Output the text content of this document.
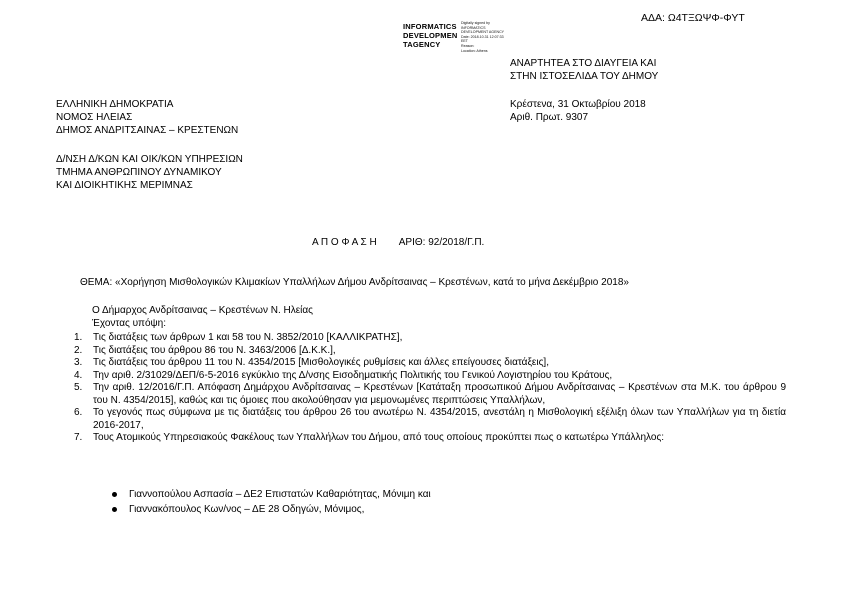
ΑΔΑ: Ω4ΤΞΩΨΦ-ΦΥΤ
INFORMATICS
DEVELOPMEN
TAGENCY
Digitally signed by
INFORMATICS
DEVELOPMENT AGENCY
Date: 2018.10.31 12:07:33
EET
Reason:
Location: Athens
ΑΝΑΡΤΗΤΕΑ ΣΤΟ ΔΙΑΥΓΕΙΑ ΚΑΙ
ΣΤΗΝ ΙΣΤΟΣΕΛΙΔΑ ΤΟΥ ΔΗΜΟΥ
ΕΛΛΗΝΙΚΗ ΔΗΜΟΚΡΑΤΙΑ
ΝΟΜΟΣ ΗΛΕΙΑΣ
ΔΗΜΟΣ ΑΝΔΡΙΤΣΑΙΝΑΣ – ΚΡΕΣΤΕΝΩΝ
Δ/ΝΣΗ Δ/ΚΩΝ ΚΑΙ ΟΙΚ/ΚΩΝ ΥΠΗΡΕΣΙΩΝ
ΤΜΗΜΑ ΑΝΘΡΩΠΙΝΟΥ ΔΥΝΑΜΙΚΟΥ
ΚΑΙ ΔΙΟΙΚΗΤΙΚΗΣ ΜΕΡΙΜΝΑΣ
Κρέστενα, 31 Οκτωβρίου 2018
Αριθ. Πρωτ. 9307
Α Π Ο Φ Α Σ Η ΑΡΙΘ: 92/2018/Γ.Π.
ΘΕΜΑ: «Χορήγηση Μισθολογικών Κλιμακίων Υπαλλήλων Δήμου Ανδρίτσαινας – Κρεστένων, κατά το μήνα Δεκέμβριο 2018»
Ο Δήμαρχος Ανδρίτσαινας – Κρεστένων Ν. Ηλείας
Έχοντας υπόψη:
1.	Τις διατάξεις των άρθρων 1 και 58 του Ν. 3852/2010 [ΚΑΛΛΙΚΡΑΤΗΣ],
2.	Τις διατάξεις του άρθρου 86 του Ν. 3463/2006 [Δ.Κ.Κ.],
3.	Τις διατάξεις του άρθρου 11 του Ν. 4354/2015 [Μισθολογικές ρυθμίσεις και άλλες επείγουσες διατάξεις],
4.	Την αριθ. 2/31029/ΔΕΠ/6-5-2016 εγκύκλιο της Δ/νσης Εισοδηματικής Πολιτικής του Γενικού Λογιστηρίου του Κράτους,
5.	Την αριθ. 12/2016/Γ.Π. Απόφαση Δημάρχου Ανδρίτσαινας – Κρεστένων [Κατάταξη προσωπικού Δήμου Ανδρίτσαινας – Κρεστένων στα Μ.Κ. του άρθρου 9 του Ν. 4354/2015], καθώς και τις όμοιες που ακολούθησαν για μεμονωμένες περιπτώσεις Υπαλλήλων,
6.	Το γεγονός πως σύμφωνα με τις διατάξεις του άρθρου 26 του ανωτέρω Ν. 4354/2015, ανεστάλη η Μισθολογική εξέλιξη όλων των Υπαλλήλων για τη διετία 2016-2017,
7.	Τους Ατομικούς Υπηρεσιακούς Φακέλους των Υπαλλήλων του Δήμου, από τους οποίους προκύπτει πως ο κατωτέρω Υπάλληλος:
Γιαννοπούλου Ασπασία – ΔΕ2 Επιστατών Καθαριότητας, Μόνιμη και
Γιαννακόπουλος Κων/νος – ΔΕ 28 Οδηγών, Μόνιμος,
